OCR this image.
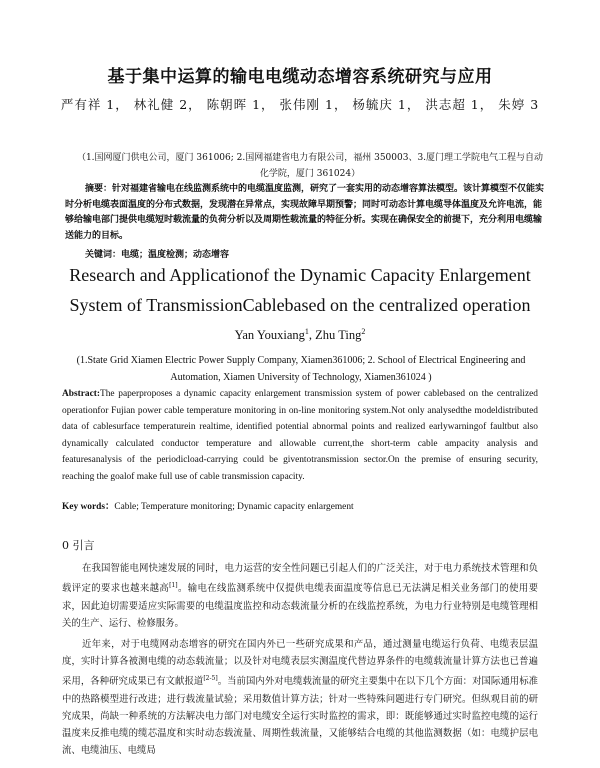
基于集中运算的输电电缆动态增容系统研究与应用
严有祥 1， 林礼健 2， 陈朝晖 1， 张伟刚 1， 杨毓庆 1， 洪志超 1， 朱婷 3
（1.国网厦门供电公司，厦门 361006; 2.国网福建省电力有限公司，福州 350003、3.厦门理工学院电气工程与自动化学院，厦门 361024）
摘要：针对福建省输电在线监测系统中的电缆温度监测，研究了一套实用的动态增容算法模型。该计算模型不仅能实时分析电缆表面温度的分布式数据，发现潜在异常点，实现故障早期预警；同时可动态计算电缆导体温度及允许电流，能够给输电部门提供电缆短时载流量的负荷分析以及周期性载流量的特征分析。实现在确保安全的前提下，充分利用电缆输送能力的目标。
关键词：电缆；温度检测；动态增容
Research and Applicationof the Dynamic Capacity Enlargement
System of TransmissionCablebased on the centralized operation
Yan Youxiang$^1$, Zhu Ting$^2$
(1.State Grid Xiamen Electric Power Supply Company, Xiamen361006; 2. School of Electrical Engineering and Automation, Xiamen University of Technology, Xiamen361024 )
Abstract:The paperproposes a dynamic capacity enlargement transmission system of power cablebased on the centralized operationfor Fujian power cable temperature monitoring in on-line monitoring system.Not only analysedthe modeldistributed data of cablesurface temperaturein realtime, identified potential abnormal points and realized earlywarningof faultbut also dynamically calculated conductor temperature and allowable current,the short-term cable ampacity analysis and featuresanalysis of the periodicload-carrying could be giventotransmission sector.On the premise of ensuring security, reaching the goalof make full use of cable transmission capacity.
Key words：Cable; Temperature monitoring; Dynamic capacity enlargement
0 引言

在我国智能电网快速发展的同时，电力运营的安全性问题已引起人们的广泛关注，对于电力系统技术管理和负载评定的要求也越来越高[1]。输电在线监测系统中仅提供电缆表面温度等信息已无法满足相关业务部门的使用要求，因此迫切需要适应实际需要的电缆温度监控和动态载流量分析的在线监控系统，为电力行业特别是电缆管理相关的生产、运行、检修服务。

近年来，对于电缆网动态增容的研究在国内外已一些研究成果和产品，通过测量电缆运行负荷、电缆表层温度，实时计算各被测电缆的动态载流量；以及针对电缆表层实测温度代替边界条件的电缆载流量计算方法也已普遍采用，各种研究成果已有文献报道[2-5]。当前国内外对电缆载流量的研究主要集中在以下几个方面：对国际通用标准中的热路模型进行改进；进行载流量试验；采用数值计算方法；针对一些特殊问题进行专门研究。但纵观目前的研究成果，尚缺一种系统的方法解决电力部门对电缆安全运行实时监控的需求，即：既能够通过实时监控电缆的运行温度来反推电缆的缆芯温度和实时动态载流量、周期性载流量，又能够结合电缆的其他监测数据（如：电缆护层电流、电缆油压、电缆局
